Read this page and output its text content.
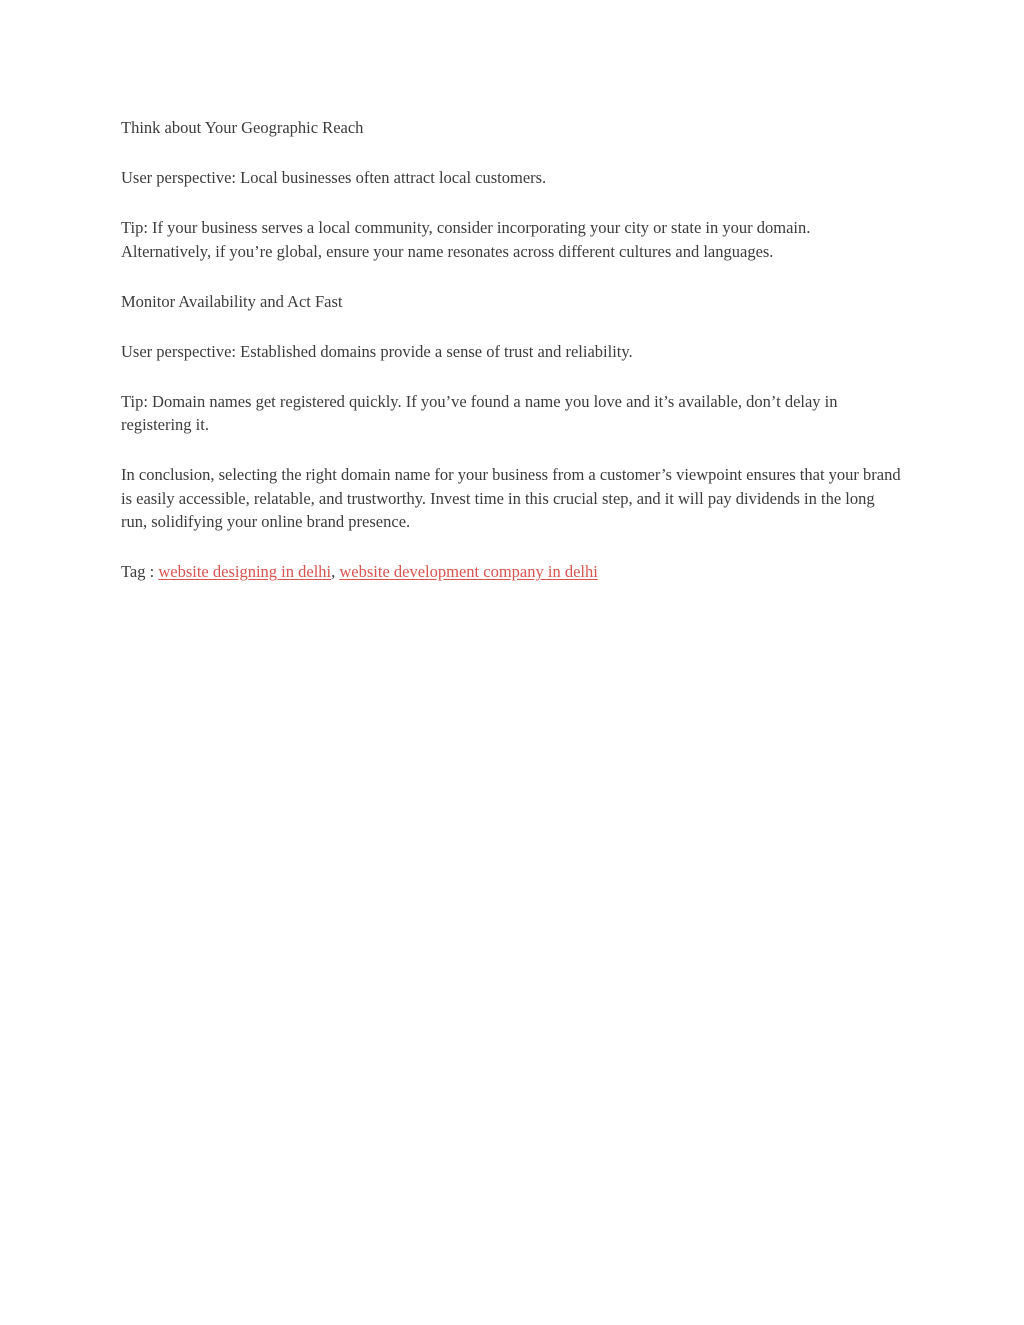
Think about Your Geographic Reach

User perspective: Local businesses often attract local customers.

Tip: If your business serves a local community, consider incorporating your city or state in your domain. Alternatively, if you’re global, ensure your name resonates across different cultures and languages.

Monitor Availability and Act Fast

User perspective: Established domains provide a sense of trust and reliability.

Tip: Domain names get registered quickly. If you’ve found a name you love and it’s available, don’t delay in registering it.

In conclusion, selecting the right domain name for your business from a customer’s viewpoint ensures that your brand is easily accessible, relatable, and trustworthy. Invest time in this crucial step, and it will pay dividends in the long run, solidifying your online brand presence.

Tag : website designing in delhi, website development company in delhi
